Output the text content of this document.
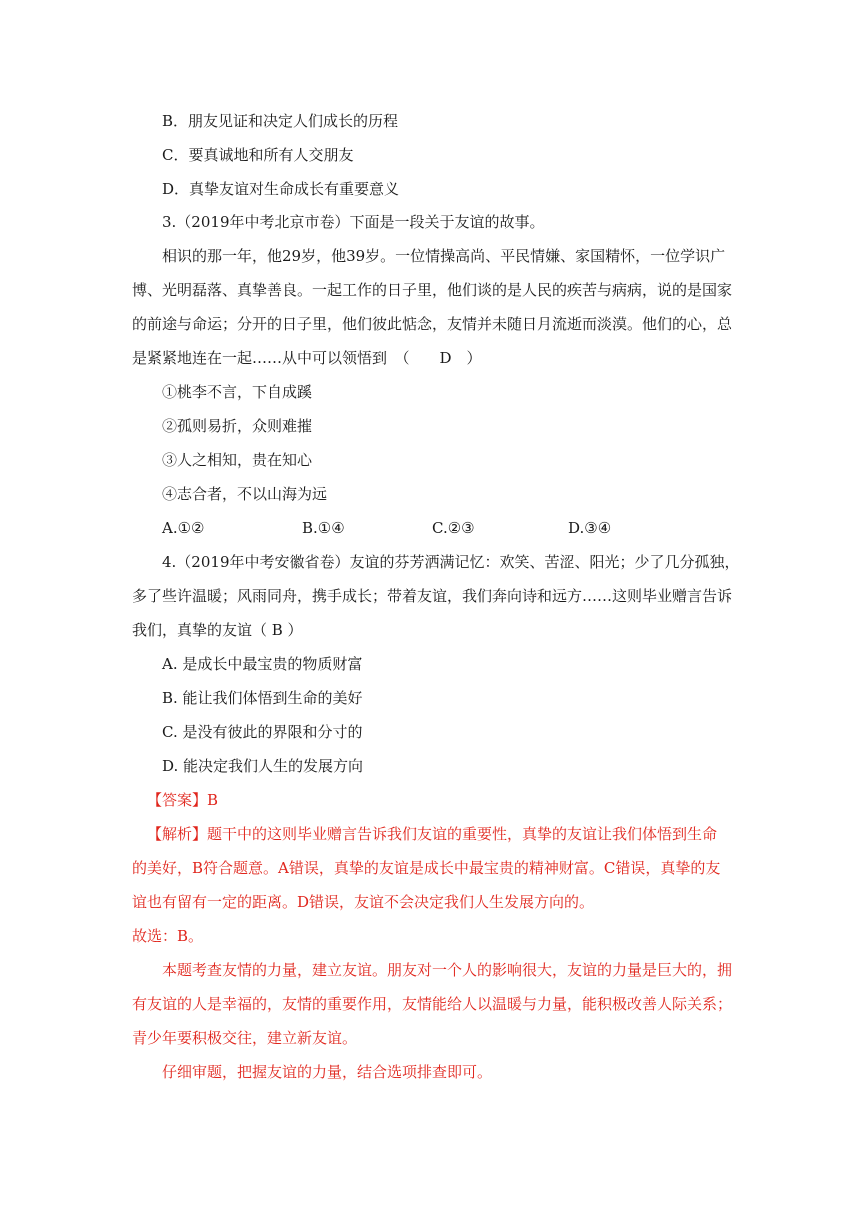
B．朋友见证和决定人们成长的历程
C．要真诚地和所有人交朋友
D．真挚友谊对生命成长有重要意义
3.（2019年中考北京市卷）下面是一段关于友谊的故事。
相识的那一年，他29岁，他39岁。一位情操高尚、平民情嫌、家国精怀，一位学识广
博、光明磊落、真挚善良。一起工作的日子里，他们谈的是人民的疾苦与病病，说的是国家
的前途与命运；分开的日子里，他们彼此惦念，友情并未随日月流逝而淡漠。他们的心，总
是紧紧地连在一起……从中可以领悟到　（　　D　）
①桃李不言，下自成蹊
②孤则易折，众则难摧
③人之相知，贵在知心
④志合者，不以山海为远
A.①②	B.①④	C.②③	D.③④
4.（2019年中考安徽省卷）友谊的芬芳洒满记忆：欢笑、苦涩、阳光；少了几分孤独，
多了些许温暖；风雨同舟，携手成长；带着友谊，我们奔向诗和远方……这则毕业赠言告诉
我们，真挚的友谊（ B ）
A. 是成长中最宝贵的物质财富
B. 能让我们体悟到生命的美好
C. 是没有彼此的界限和分寸的
D. 能决定我们人生的发展方向
【答案】B
【解析】题干中的这则毕业赠言告诉我们友谊的重要性，真挚的友谊让我们体悟到生命
的美好，B符合题意。A错误，真挚的友谊是成长中最宝贵的精神财富。C错误，真挚的友
谊也有留有一定的距离。D错误，友谊不会决定我们人生发展方向的。
故选：B。
本题考查友情的力量，建立友谊。朋友对一个人的影响很大，友谊的力量是巨大的，拥
有友谊的人是幸福的，友情的重要作用，友情能给人以温暖与力量，能积极改善人际关系；
青少年要积极交往，建立新友谊。
仔细审题，把握友谊的力量，结合选项排查即可。
